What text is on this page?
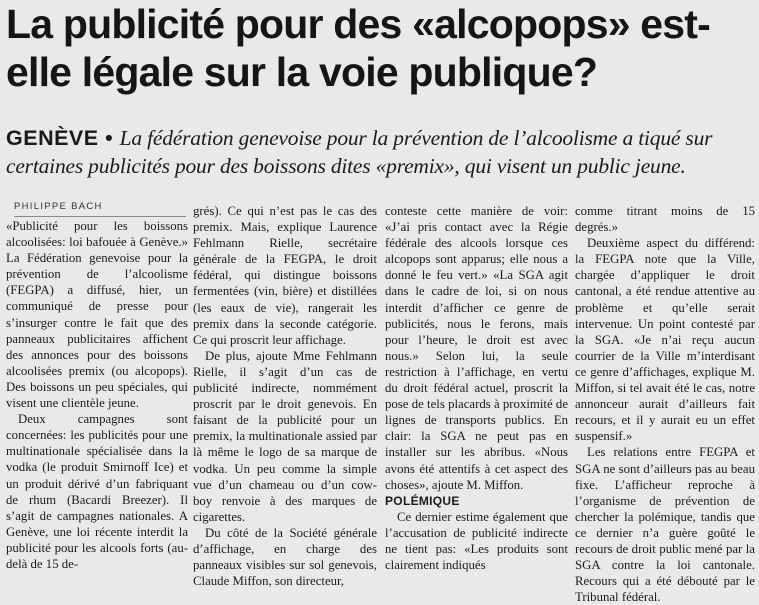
La publicité pour des «alcopops» est-elle légale sur la voie publique?

GENÈVE • La fédération genevoise pour la prévention de l’alcoolisme a tiqué sur certaines publicités pour des boissons dites «premix», qui visent un public jeune.

PHILIPPE BACH

«Publicité pour les boissons alcoolisées: loi bafouée à Genève.» La Fédération genevoise pour la prévention de l’alcoolisme (FEGPA) a diffusé, hier, un communiqué de presse pour s’insurger contre le fait que des panneaux publicitaires affichent des annonces pour des boissons alcoolisées premix (ou alcopops). Des boissons un peu spéciales, qui visent une clientèle jeune.

Deux campagnes sont concernées: les publicités pour une multinationale spécialisée dans la vodka (le produit Smirnoff Ice) et un produit dérivé d’un fabriquant de rhum (Bacardi Breezer). Il s’agit de campagnes nationales. A Genève, une loi récente interdit la publicité pour les alcools forts (au-delà de 15 de-

grés). Ce qui n’est pas le cas des premix. Mais, explique Laurence Fehlmann Rielle, secrétaire générale de la FEGPA, le droit fédéral, qui distingue boissons fermentées (vin, bière) et distillées (les eaux de vie), rangerait les premix dans la seconde catégorie. Ce qui proscrit leur affichage.

De plus, ajoute Mme Fehlmann Rielle, il s’agit d’un cas de publicité indirecte, nommément proscrit par le droit genevois. En faisant de la publicité pour un premix, la multinationale assied par là même le logo de sa marque de vodka. Un peu comme la simple vue d’un chameau ou d’un cow-boy renvoie à des marques de cigarettes.

Du côté de la Société générale d’affichage, en charge des panneaux visibles sur sol genevois, Claude Miffon, son directeur,

conteste cette manière de voir: «J’ai pris contact avec la Régie fédérale des alcools lorsque ces alcopops sont apparus; elle nous a donné le feu vert.» «La SGA agit dans le cadre de loi, si on nous interdit d’afficher ce genre de publicités, nous le ferons, mais pour l’heure, le droit est avec nous.» Selon lui, la seule restriction à l’affichage, en vertu du droit fédéral actuel, proscrit la pose de tels placards à proximité de lignes de transports publics. En clair: la SGA ne peut pas en installer sur les abribus. «Nous avons été attentifs à cet aspect des choses», ajoute M. Miffon.

POLÉMIQUE

Ce dernier estime également que l’accusation de publicité indirecte ne tient pas: «Les produits sont clairement indiqués

comme titrant moins de 15 degrés.»

Deuxième aspect du différend: la FEGPA note que la Ville, chargée d’appliquer le droit cantonal, a été rendue attentive au problème et qu’elle serait intervenue. Un point contesté par la SGA. «Je n’ai reçu aucun courrier de la Ville m’interdisant ce genre d’affichages, explique M. Miffon, si tel avait été le cas, notre annonceur aurait d’ailleurs fait recours, et il y aurait eu un effet suspensif.»

Les relations entre FEGPA et SGA ne sont d’ailleurs pas au beau fixe. L’afficheur reproche à l’organisme de prévention de chercher la polémique, tandis que ce dernier n’a guère goûté le recours de droit public mené par la SGA contre la loi cantonale. Recours qui a été débouté par le Tribunal fédéral.
